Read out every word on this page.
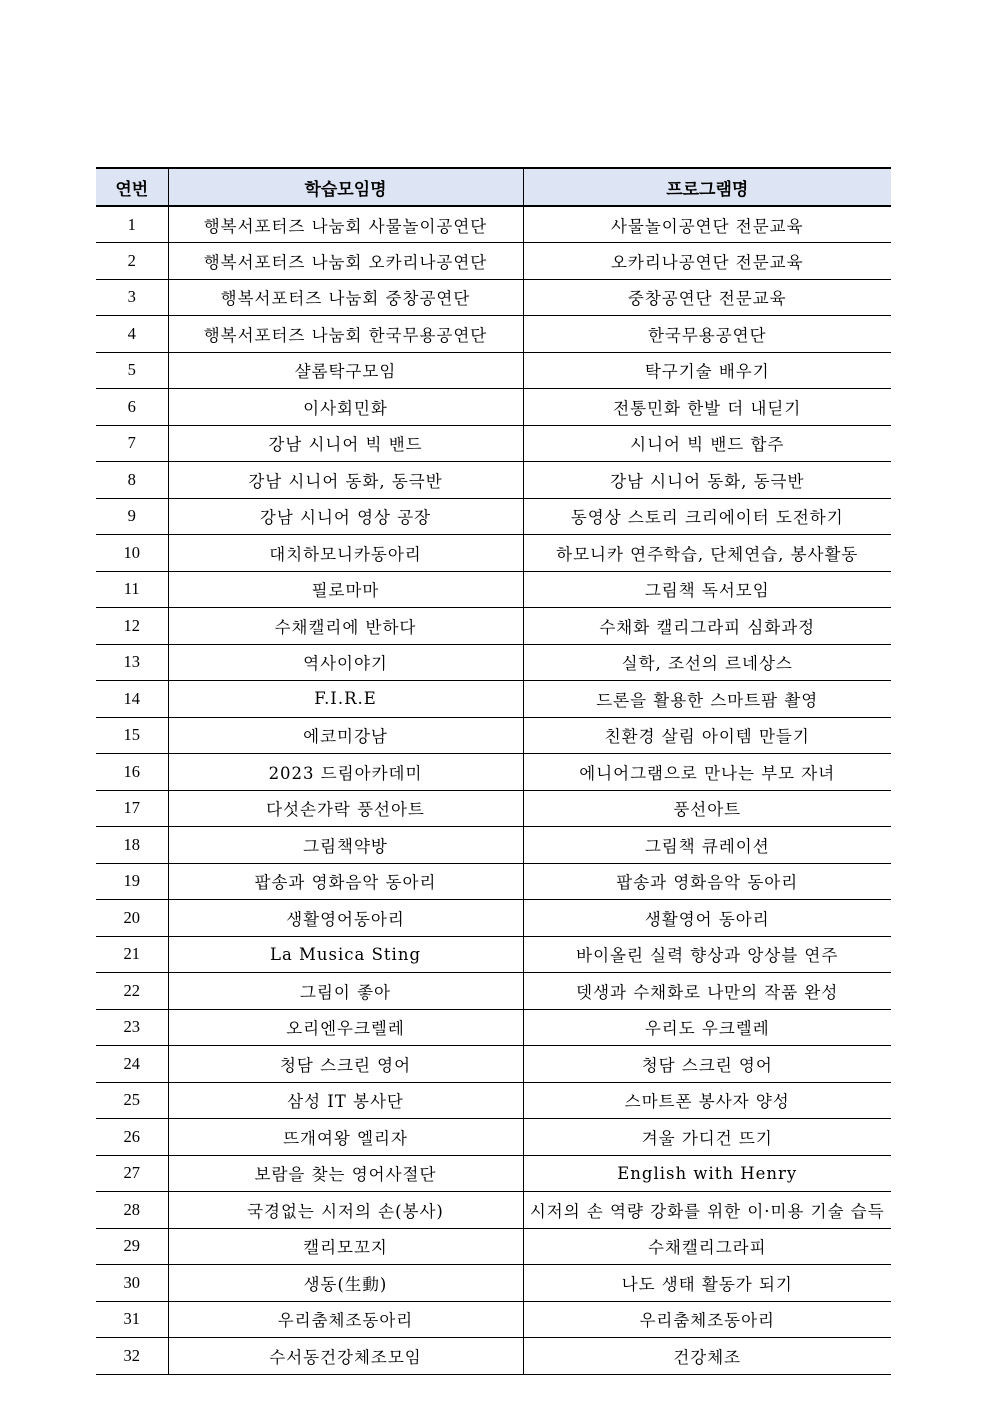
연번	학습모임명	프로그램명
1	행복서포터즈 나눔회 사물놀이공연단	사물놀이공연단 전문교육
2	행복서포터즈 나눔회 오카리나공연단	오카리나공연단 전문교육
3	행복서포터즈 나눔회 중창공연단	중창공연단 전문교육
4	행복서포터즈 나눔회 한국무용공연단	한국무용공연단
5	샬롬탁구모임	탁구기술 배우기
6	이사회민화	전통민화 한발 더 내딛기
7	강남 시니어 빅 밴드	시니어 빅 밴드 합주
8	강남 시니어 동화, 동극반	강남 시니어 동화, 동극반
9	강남 시니어 영상 공장	동영상 스토리 크리에이터 도전하기
10	대치하모니카동아리	하모니카 연주학습, 단체연습, 봉사활동
11	필로마마	그림책 독서모임
12	수채캘리에 반하다	수채화 캘리그라피 심화과정
13	역사이야기	실학, 조선의 르네상스
14	F.I.R.E	드론을 활용한 스마트팜 촬영
15	에코미강남	친환경 살림 아이템 만들기
16	2023 드림아카데미	에니어그램으로 만나는 부모 자녀
17	다섯손가락 풍선아트	풍선아트
18	그림책약방	그림책 큐레이션
19	팝송과 영화음악 동아리	팝송과 영화음악 동아리
20	생활영어동아리	생활영어 동아리
21	La Musica Sting	바이올린 실력 향상과 앙상블 연주
22	그림이 좋아	뎃생과 수채화로 나만의 작품 완성
23	오리엔우크렐레	우리도 우크렐레
24	청담 스크린 영어	청담 스크린 영어
25	삼성 IT 봉사단	스마트폰 봉사자 양성
26	뜨개여왕 엘리자	겨울 가디건 뜨기
27	보람을 찾는 영어사절단	English with Henry
28	국경없는 시저의 손(봉사)	시저의 손 역량 강화를 위한 이·미용 기술 습득
29	캘리모꼬지	수채캘리그라피
30	생동(生動)	나도 생태 활동가 되기
31	우리춤체조동아리	우리춤체조동아리
32	수서동건강체조모임	건강체조
